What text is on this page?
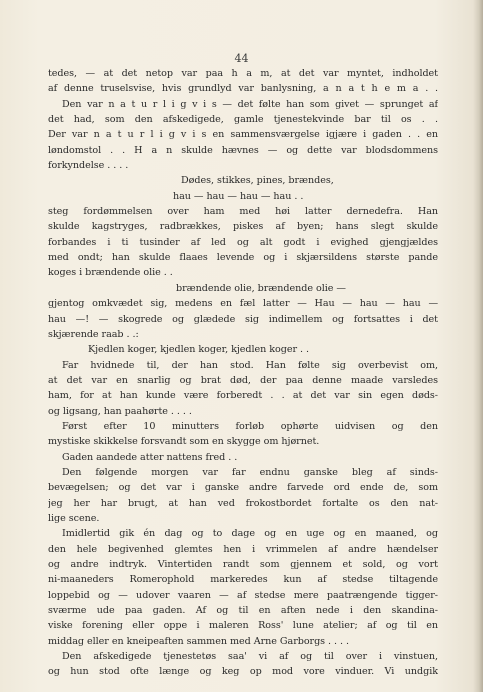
44
tedes, — at det netop var paa h a m, at det var myntet, indholdet
af denne truselsvise, hvis grundlyd var banlysning, a n a t h e m a . .
Den var n a t u r l i g v i s — det følte han som givet — sprunget af
det had, som den afskedigede, gamle tjenestekvinde bar til os . .
Der var n a t u r l i g v i s en sammensværgelse igjære i gaden . . en
løndomstol . . H a n skulde hævnes — og dette var blodsdommens
forkyndelse . . . .
Dødes, stikkes, pines, brændes,
hau — hau — hau — hau . .
steg fordømmelsen over ham med høi latter dernedefra. Han
skulde kagstryges, radbrækkes, piskes af byen; hans slegt skulde
forbandes i ti tusinder af led og alt godt i evighed gjengjældes
med ondt; han skulde flaaes levende og i skjærsildens største pande
koges i brændende olie . .
brændende olie, brændende olie —
gjentog omkvædet sig, medens en fæl latter — Hau — hau — hau —
hau —! — skogrede og glædede sig indimellem og fortsattes i det
skjærende raab . .:
Kjedlen koger, kjedlen koger, kjedlen koger . .
Far hvidnede til, der han stod. Han følte sig overbevist om,
at det var en snarlig og brat død, der paa denne maade varsledes
ham, for at han kunde være forberedt . . at det var sin egen døds-
og ligsang, han paahørte . . . .
Først efter 10 minutters forløb ophørte uidvisen og den
mystiske skikkelse forsvandt som en skygge om hjørnet.
Gaden aandede atter nattens fred . .
Den følgende morgen var far endnu ganske bleg af sinds-
bevægelsen; og det var i ganske andre farvede ord ende de, som
jeg her har brugt, at han ved frokostbordet fortalte os den nat-
lige scene.
Imidlertid gik én dag og to dage og en uge og en maaned, og
den hele begivenhed glemtes hen i vrimmelen af andre hændelser
og andre indtryk. Vintertiden randt som gjennem et sold, og vort
ni-maaneders Romerophold markeredes kun af stedse tiltagende
loppebid og — udover vaaren — af stedse mere paatrængende tigger-
sværme ude paa gaden. Af og til en aften nede i den skandina-
viske forening eller oppe i maleren Ross' lune atelier; af og til en
middag eller en kneipeaften sammen med Arne Garborgs . . . .
Den afskedigede tjenestetøs saa' vi af og til over i vinstuen,
og hun stod ofte længe og keg op mod vore vinduer. Vi undgik
